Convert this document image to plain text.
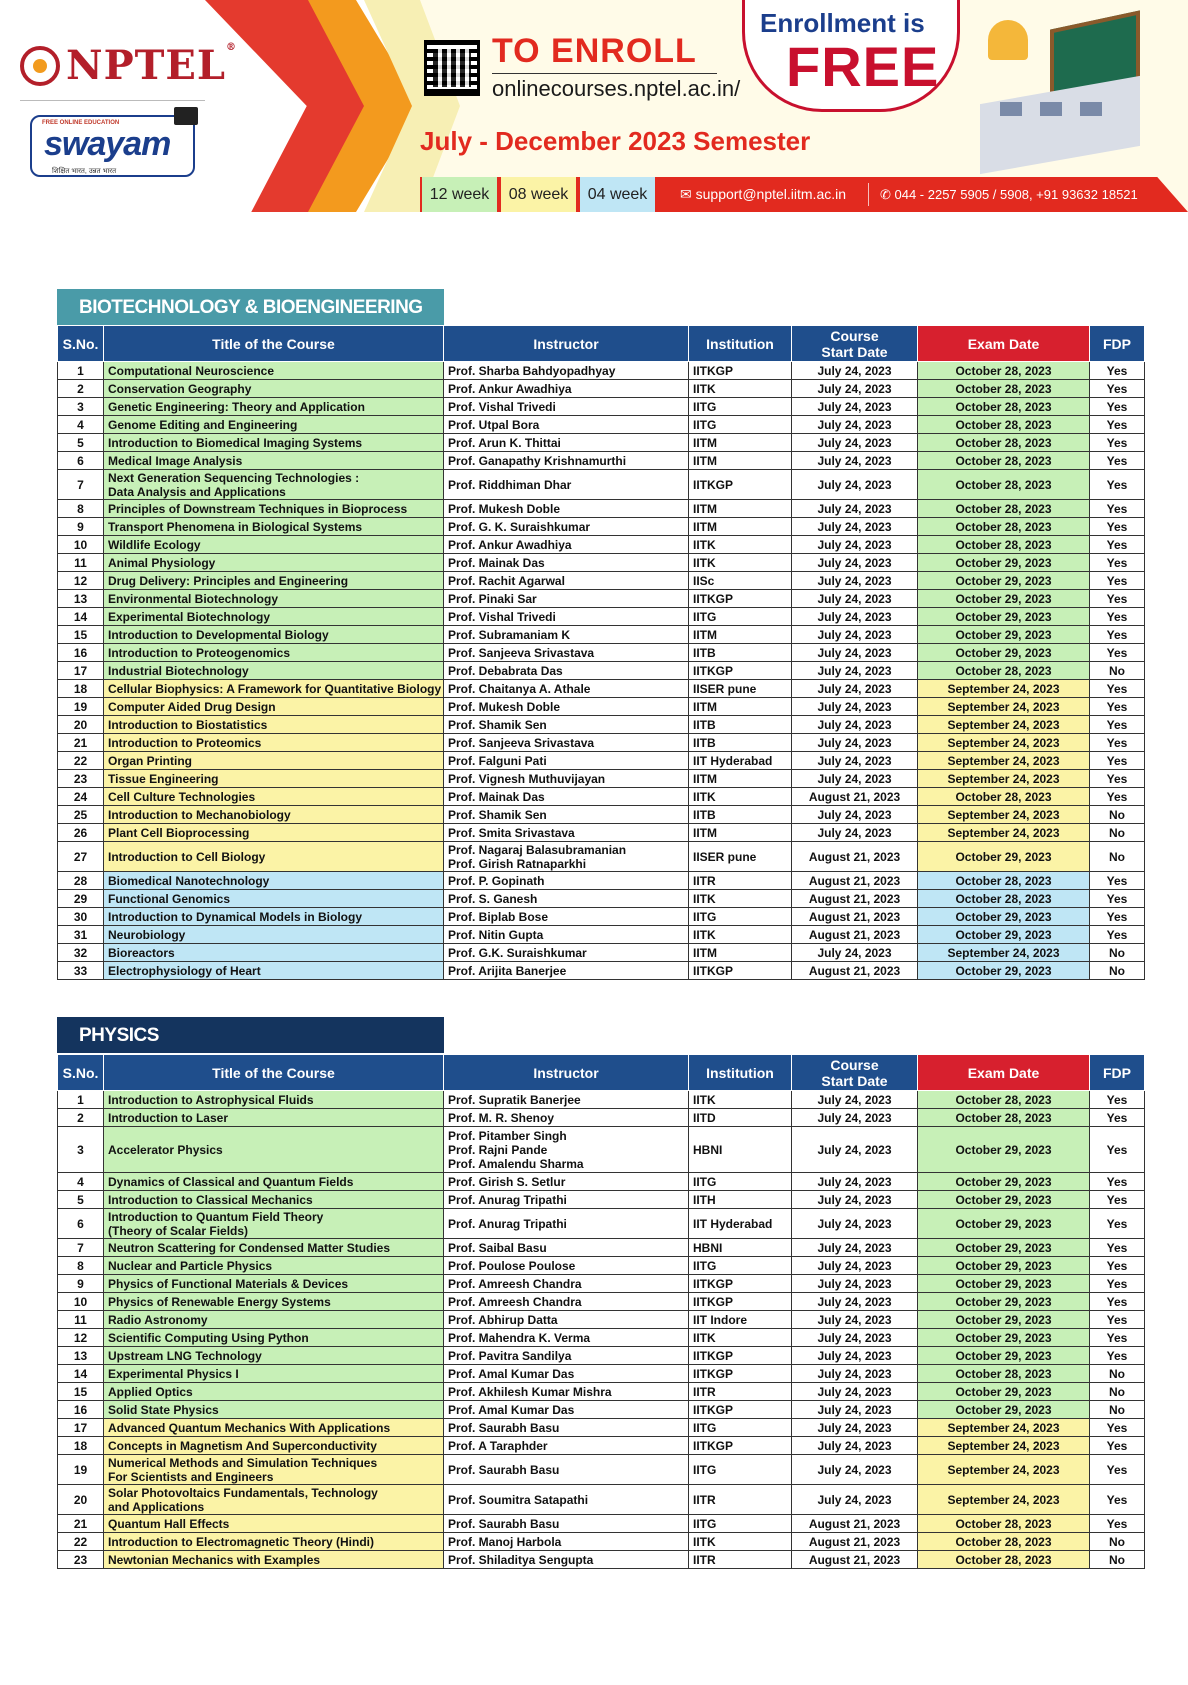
NPTEL®
FREE ONLINE EDUCATION
swayam
शिक्षित भारत, उन्नत भारत
TO ENROLL
onlinecourses.nptel.ac.in/
Enrollment is
FREE
July - December 2023 Semester
12 week	08 week	04 week	✉ support@nptel.iitm.ac.in	✆ 044 - 2257 5905 / 5908, +91 93632 18521
BIOTECHNOLOGY & BIOENGINEERING
S.No.	Title of the Course	Instructor	Institution	Course
Start Date	Exam Date	FDP
1	Computational Neuroscience	Prof. Sharba Bahdyopadhyay	IITKGP	July 24, 2023	October 28, 2023	Yes
2	Conservation Geography	Prof. Ankur Awadhiya	IITK	July 24, 2023	October 28, 2023	Yes
3	Genetic Engineering: Theory and Application	Prof. Vishal Trivedi	IITG	July 24, 2023	October 28, 2023	Yes
4	Genome Editing and Engineering	Prof. Utpal Bora	IITG	July 24, 2023	October 28, 2023	Yes
5	Introduction to Biomedical Imaging Systems	Prof. Arun K. Thittai	IITM	July 24, 2023	October 28, 2023	Yes
6	Medical Image Analysis	Prof. Ganapathy Krishnamurthi	IITM	July 24, 2023	October 28, 2023	Yes
7	Next Generation Sequencing Technologies :
Data Analysis and Applications	Prof. Riddhiman Dhar	IITKGP	July 24, 2023	October 28, 2023	Yes
8	Principles of Downstream Techniques in Bioprocess	Prof. Mukesh Doble	IITM	July 24, 2023	October 28, 2023	Yes
9	Transport Phenomena in Biological Systems	Prof. G. K. Suraishkumar	IITM	July 24, 2023	October 28, 2023	Yes
10	Wildlife Ecology	Prof. Ankur Awadhiya	IITK	July 24, 2023	October 28, 2023	Yes
11	Animal Physiology	Prof. Mainak Das	IITK	July 24, 2023	October 29, 2023	Yes
12	Drug Delivery: Principles and Engineering	Prof. Rachit Agarwal	IISc	July 24, 2023	October 29, 2023	Yes
13	Environmental Biotechnology	Prof. Pinaki Sar	IITKGP	July 24, 2023	October 29, 2023	Yes
14	Experimental Biotechnology	Prof. Vishal Trivedi	IITG	July 24, 2023	October 29, 2023	Yes
15	Introduction to Developmental Biology	Prof. Subramaniam K	IITM	July 24, 2023	October 29, 2023	Yes
16	Introduction to Proteogenomics	Prof. Sanjeeva Srivastava	IITB	July 24, 2023	October 29, 2023	Yes
17	Industrial Biotechnology	Prof. Debabrata Das	IITKGP	July 24, 2023	October 28, 2023	No
18	Cellular Biophysics: A Framework for Quantitative Biology	Prof. Chaitanya A. Athale	IISER pune	July 24, 2023	September 24, 2023	Yes
19	Computer Aided Drug Design	Prof. Mukesh Doble	IITM	July 24, 2023	September 24, 2023	Yes
20	Introduction to Biostatistics	Prof. Shamik Sen	IITB	July 24, 2023	September 24, 2023	Yes
21	Introduction to Proteomics	Prof. Sanjeeva Srivastava	IITB	July 24, 2023	September 24, 2023	Yes
22	Organ Printing	Prof. Falguni Pati	IIT Hyderabad	July 24, 2023	September 24, 2023	Yes
23	Tissue Engineering	Prof. Vignesh Muthuvijayan	IITM	July 24, 2023	September 24, 2023	Yes
24	Cell Culture Technologies	Prof. Mainak Das	IITK	August 21, 2023	October 28, 2023	Yes
25	Introduction to Mechanobiology	Prof. Shamik Sen	IITB	July 24, 2023	September 24, 2023	No
26	Plant Cell Bioprocessing	Prof. Smita Srivastava	IITM	July 24, 2023	September 24, 2023	No
27	Introduction to Cell Biology	Prof. Nagaraj Balasubramanian
Prof. Girish Ratnaparkhi	IISER pune	August 21, 2023	October 29, 2023	No
28	Biomedical Nanotechnology	Prof. P. Gopinath	IITR	August 21, 2023	October 28, 2023	Yes
29	Functional Genomics	Prof. S. Ganesh	IITK	August 21, 2023	October 28, 2023	Yes
30	Introduction to Dynamical Models in Biology	Prof. Biplab Bose	IITG	August 21, 2023	October 29, 2023	Yes
31	Neurobiology	Prof. Nitin Gupta	IITK	August 21, 2023	October 29, 2023	Yes
32	Bioreactors	Prof. G.K. Suraishkumar	IITM	July 24, 2023	September 24, 2023	No
33	Electrophysiology of Heart	Prof. Arijita Banerjee	IITKGP	August 21, 2023	October 29, 2023	No
PHYSICS
S.No.	Title of the Course	Instructor	Institution	Course
Start Date	Exam Date	FDP
1	Introduction to Astrophysical Fluids	Prof. Supratik Banerjee	IITK	July 24, 2023	October 28, 2023	Yes
2	Introduction to Laser	Prof. M. R. Shenoy	IITD	July 24, 2023	October 28, 2023	Yes
3	Accelerator Physics	Prof. Pitamber Singh
Prof. Rajni Pande
Prof. Amalendu Sharma	HBNI	July 24, 2023	October 29, 2023	Yes
4	Dynamics of Classical and Quantum Fields	Prof. Girish S. Setlur	IITG	July 24, 2023	October 29, 2023	Yes
5	Introduction to Classical Mechanics	Prof. Anurag Tripathi	IITH	July 24, 2023	October 29, 2023	Yes
6	Introduction to Quantum Field Theory
(Theory of Scalar Fields)	Prof. Anurag Tripathi	IIT Hyderabad	July 24, 2023	October 29, 2023	Yes
7	Neutron Scattering for Condensed Matter Studies	Prof. Saibal Basu	HBNI	July 24, 2023	October 29, 2023	Yes
8	Nuclear and Particle Physics	Prof. Poulose Poulose	IITG	July 24, 2023	October 29, 2023	Yes
9	Physics of Functional Materials & Devices	Prof. Amreesh Chandra	IITKGP	July 24, 2023	October 29, 2023	Yes
10	Physics of Renewable Energy Systems	Prof. Amreesh Chandra	IITKGP	July 24, 2023	October 29, 2023	Yes
11	Radio Astronomy	Prof. Abhirup Datta	IIT Indore	July 24, 2023	October 29, 2023	Yes
12	Scientific Computing Using Python	Prof. Mahendra K. Verma	IITK	July 24, 2023	October 29, 2023	Yes
13	Upstream LNG Technology	Prof. Pavitra Sandilya	IITKGP	July 24, 2023	October 29, 2023	Yes
14	Experimental Physics I	Prof. Amal Kumar Das	IITKGP	July 24, 2023	October 28, 2023	No
15	Applied Optics	Prof. Akhilesh Kumar Mishra	IITR	July 24, 2023	October 29, 2023	No
16	Solid State Physics	Prof. Amal Kumar Das	IITKGP	July 24, 2023	October 29, 2023	No
17	Advanced Quantum Mechanics With Applications	Prof. Saurabh Basu	IITG	July 24, 2023	September 24, 2023	Yes
18	Concepts in Magnetism And Superconductivity	Prof. A Taraphder	IITKGP	July 24, 2023	September 24, 2023	Yes
19	Numerical Methods and Simulation Techniques
For Scientists and Engineers	Prof. Saurabh Basu	IITG	July 24, 2023	September 24, 2023	Yes
20	Solar Photovoltaics Fundamentals, Technology
and Applications	Prof. Soumitra Satapathi	IITR	July 24, 2023	September 24, 2023	Yes
21	Quantum Hall Effects	Prof. Saurabh Basu	IITG	August 21, 2023	October 28, 2023	Yes
22	Introduction to Electromagnetic Theory (Hindi)	Prof. Manoj Harbola	IITK	August 21, 2023	October 28, 2023	No
23	Newtonian Mechanics with Examples	Prof. Shiladitya Sengupta	IITR	August 21, 2023	October 28, 2023	No
